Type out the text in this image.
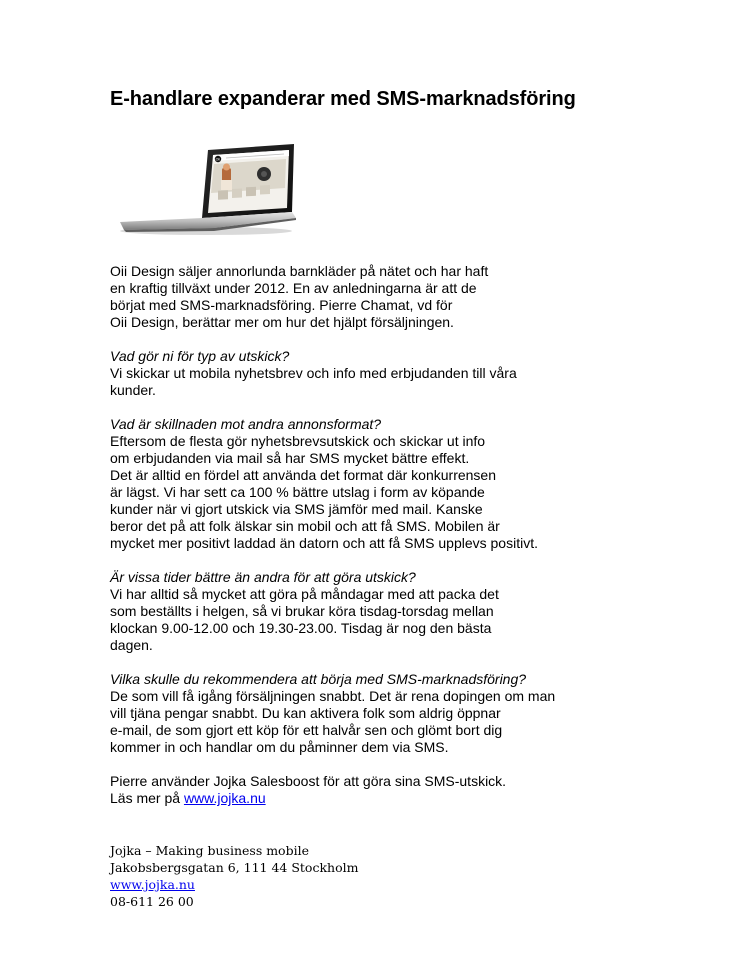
E-handlare expanderar med SMS-marknadsföring
Oii

Oii Design säljer annorlunda barnkläder på nätet och har haft
en kraftig tillväxt under 2012. En av anledningarna är att de
börjat med SMS-marknadsföring. Pierre Chamat, vd för
Oii Design, berättar mer om hur det hjälpt försäljningen.

Vad gör ni för typ av utskick?
Vi skickar ut mobila nyhetsbrev och info med erbjudanden till våra
kunder.

Vad är skillnaden mot andra annonsformat?
Eftersom de flesta gör nyhetsbrevsutskick och skickar ut info
om erbjudanden via mail så har SMS mycket bättre effekt.
Det är alltid en fördel att använda det format där konkurrensen
är lägst. Vi har sett ca 100 % bättre utslag i form av köpande
kunder när vi gjort utskick via SMS jämför med mail. Kanske
beror det på att folk älskar sin mobil och att få SMS. Mobilen är
mycket mer positivt laddad än datorn och att få SMS upplevs positivt.

Är vissa tider bättre än andra för att göra utskick?
Vi har alltid så mycket att göra på måndagar med att packa det
som beställts i helgen, så vi brukar köra tisdag-torsdag mellan
klockan 9.00-12.00 och 19.30-23.00. Tisdag är nog den bästa
dagen.

Vilka skulle du rekommendera att börja med SMS-marknadsföring?
De som vill få igång försäljningen snabbt. Det är rena dopingen om man
vill tjäna pengar snabbt. Du kan aktivera folk som aldrig öppnar
e-mail, de som gjort ett köp för ett halvår sen och glömt bort dig
kommer in och handlar om du påminner dem via SMS.

Pierre använder Jojka Salesboost för att göra sina SMS-utskick.
Läs mer på www.jojka.nu

Jojka – Making business mobile
Jakobsbergsgatan 6, 111 44 Stockholm
www.jojka.nu
08-611 26 00
